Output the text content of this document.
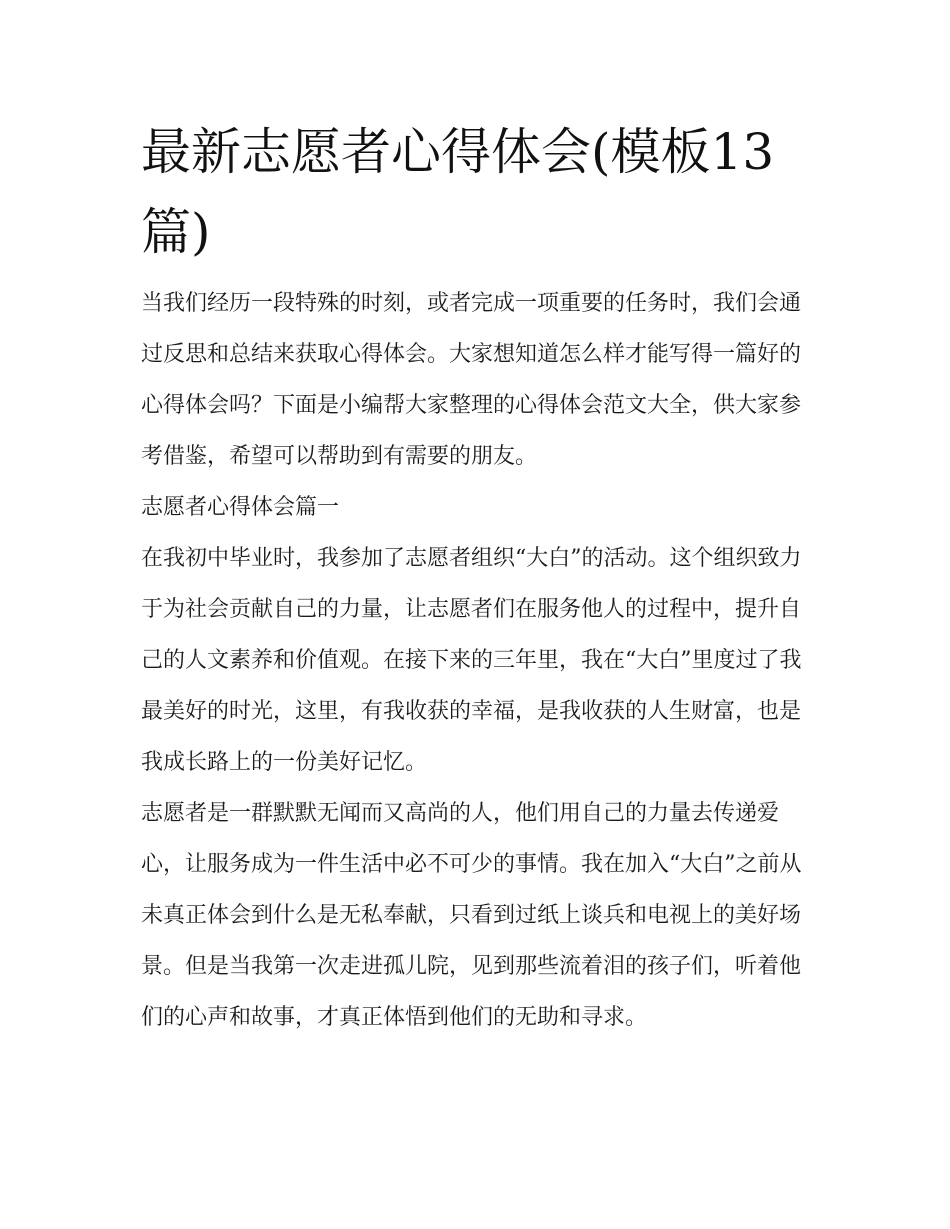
最新志愿者心得体会(模板13篇)

当我们经历一段特殊的时刻，或者完成一项重要的任务时，我们会通过反思和总结来获取心得体会。大家想知道怎么样才能写得一篇好的心得体会吗？下面是小编帮大家整理的心得体会范文大全，供大家参考借鉴，希望可以帮助到有需要的朋友。

志愿者心得体会篇一

在我初中毕业时，我参加了志愿者组织“大白”的活动。这个组织致力于为社会贡献自己的力量，让志愿者们在服务他人的过程中，提升自己的人文素养和价值观。在接下来的三年里，我在“大白”里度过了我最美好的时光，这里，有我收获的幸福，是我收获的人生财富，也是我成长路上的一份美好记忆。

志愿者是一群默默无闻而又高尚的人，他们用自己的力量去传递爱心，让服务成为一件生活中必不可少的事情。我在加入“大白”之前从未真正体会到什么是无私奉献，只看到过纸上谈兵和电视上的美好场景。但是当我第一次走进孤儿院，见到那些流着泪的孩子们，听着他们的心声和故事，才真正体悟到他们的无助和寻求。
